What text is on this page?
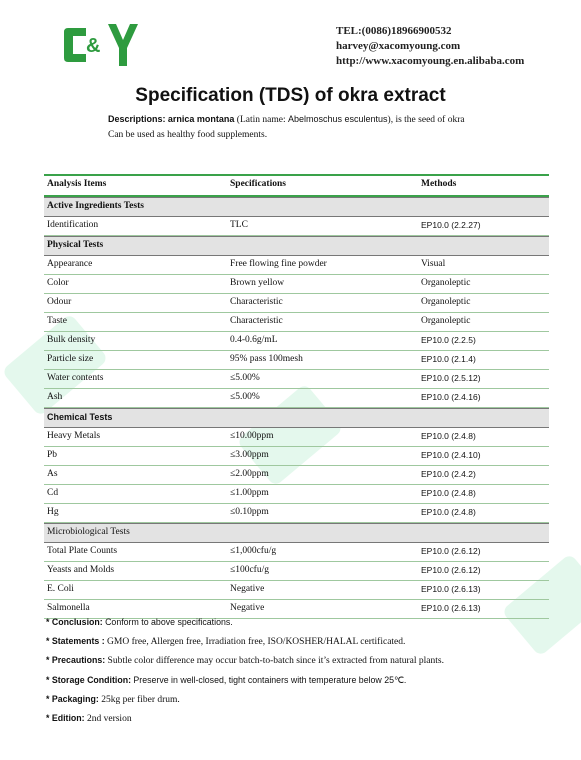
&
TEL:(0086)18966900532
harvey@xacomyoung.com
http://www.xacomyoung.en.alibaba.com
Specification (TDS) of okra extract
Descriptions: arnica montana (Latin name: Abelmoschus esculentus), is the seed of okra
Can be used as healthy food supplements.
Analysis Items	Specifications	Methods
Active Ingredients Tests
Identification	TLC	EP10.0 (2.2.27)
Physical Tests
Appearance	Free flowing fine powder	Visual
Color	Brown yellow	Organoleptic
Odour	Characteristic	Organoleptic
Taste	Characteristic	Organoleptic
Bulk density	0.4-0.6g/mL	EP10.0 (2.2.5)
Particle size	95% pass 100mesh	EP10.0 (2.1.4)
Water contents	≤5.00%	EP10.0 (2.5.12)
Ash	≤5.00%	EP10.0 (2.4.16)
Chemical Tests
Heavy Metals	≤10.00ppm	EP10.0 (2.4.8)
Pb	≤3.00ppm	EP10.0 (2.4.10)
As	≤2.00ppm	EP10.0 (2.4.2)
Cd	≤1.00ppm	EP10.0 (2.4.8)
Hg	≤0.10ppm	EP10.0 (2.4.8)
Microbiological Tests
Total Plate Counts	≤1,000cfu/g	EP10.0 (2.6.12)
Yeasts and Molds	≤100cfu/g	EP10.0 (2.6.12)
E. Coli	Negative	EP10.0 (2.6.13)
Salmonella	Negative	EP10.0 (2.6.13)
* Conclusion: Conform to above specifications.
* Statements : GMO free, Allergen free, Irradiation free, ISO/KOSHER/HALAL certificated.
* Precautions: Subtle color difference may occur batch-to-batch since it’s extracted from natural plants.
* Storage Condition: Preserve in well-closed, tight containers with temperature below 25℃.
* Packaging: 25kg per fiber drum.
* Edition: 2nd version
